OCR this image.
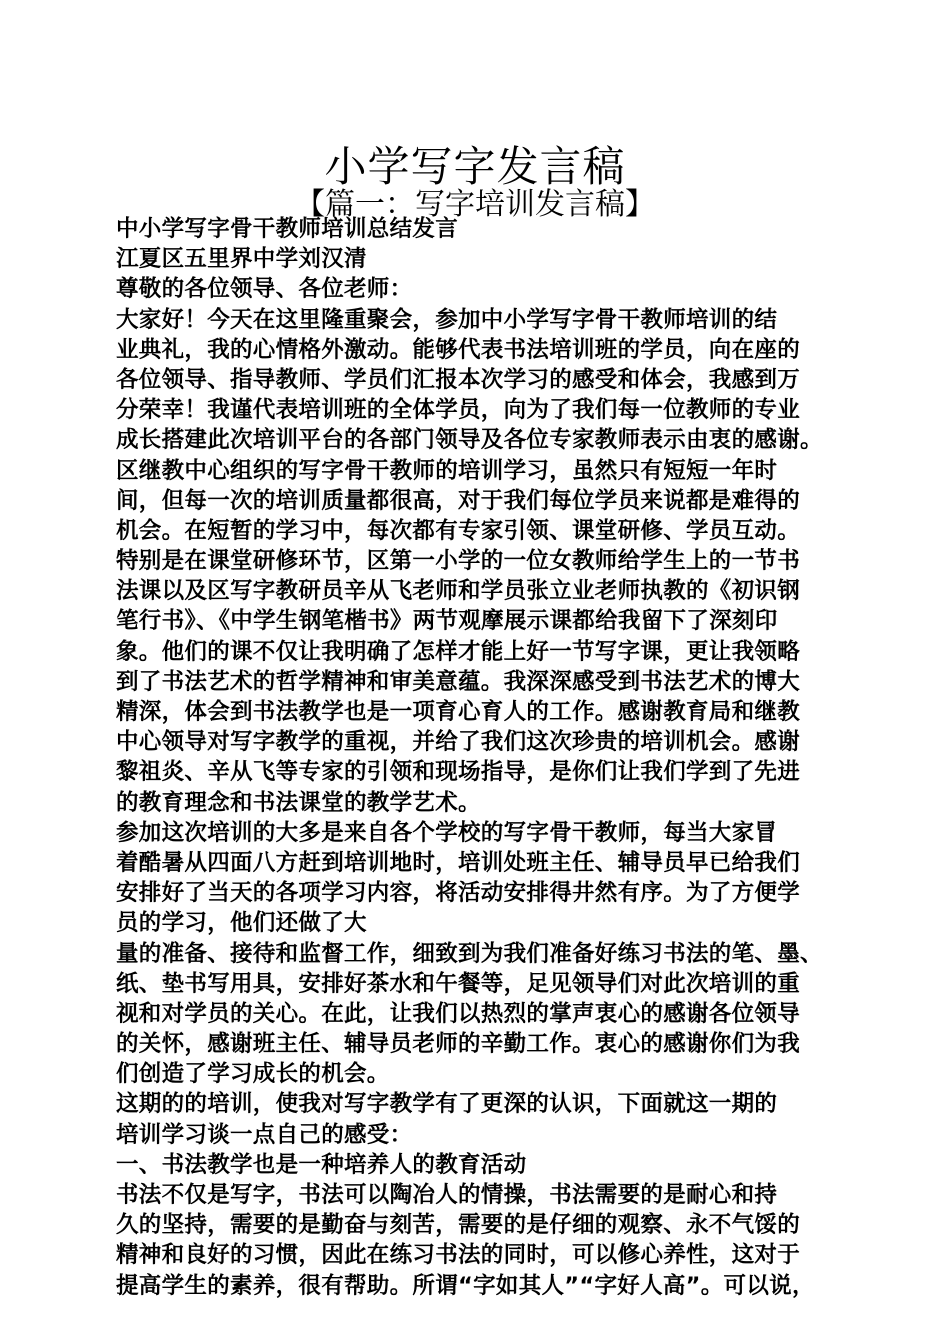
小学写字发言稿
【篇一：写字培训发言稿】
中小学写字骨干教师培训总结发言
江夏区五里界中学刘汉清
尊敬的各位领导、各位老师：
大家好！今天在这里隆重聚会，参加中小学写字骨干教师培训的结
业典礼，我的心情格外激动。能够代表书法培训班的学员，向在座的
各位领导、指导教师、学员们汇报本次学习的感受和体会，我感到万
分荣幸！我谨代表培训班的全体学员，向为了我们每一位教师的专业
成长搭建此次培训平台的各部门领导及各位专家教师表示由衷的感谢。
区继教中心组织的写字骨干教师的培训学习，虽然只有短短一年时
间，但每一次的培训质量都很高，对于我们每位学员来说都是难得的
机会。在短暂的学习中，每次都有专家引领、课堂研修、学员互动。
特别是在课堂研修环节，区第一小学的一位女教师给学生上的一节书
法课以及区写字教研员辛从飞老师和学员张立业老师执教的《初识钢
笔行书》、《中学生钢笔楷书》两节观摩展示课都给我留下了深刻印
象。他们的课不仅让我明确了怎样才能上好一节写字课，更让我领略
到了书法艺术的哲学精神和审美意蕴。我深深感受到书法艺术的博大
精深，体会到书法教学也是一项育心育人的工作。感谢教育局和继教
中心领导对写字教学的重视，并给了我们这次珍贵的培训机会。感谢
黎祖炎、辛从飞等专家的引领和现场指导，是你们让我们学到了先进
的教育理念和书法课堂的教学艺术。
参加这次培训的大多是来自各个学校的写字骨干教师，每当大家冒
着酷暑从四面八方赶到培训地时，培训处班主任、辅导员早已给我们
安排好了当天的各项学习内容，将活动安排得井然有序。为了方便学
员的学习，他们还做了大
量的准备、接待和监督工作，细致到为我们准备好练习书法的笔、墨、
纸、垫书写用具，安排好茶水和午餐等，足见领导们对此次培训的重
视和对学员的关心。在此，让我们以热烈的掌声衷心的感谢各位领导
的关怀，感谢班主任、辅导员老师的辛勤工作。衷心的感谢你们为我
们创造了学习成长的机会。
这期的的培训，使我对写字教学有了更深的认识，下面就这一期的
培训学习谈一点自己的感受：
一、书法教学也是一种培养人的教育活动
书法不仅是写字，书法可以陶冶人的情操，书法需要的是耐心和持
久的坚持，需要的是勤奋与刻苦，需要的是仔细的观察、永不气馁的
精神和良好的习惯，因此在练习书法的同时，可以修心养性，这对于
提高学生的素养，很有帮助。所谓“字如其人”“字好人高”。可以说，
